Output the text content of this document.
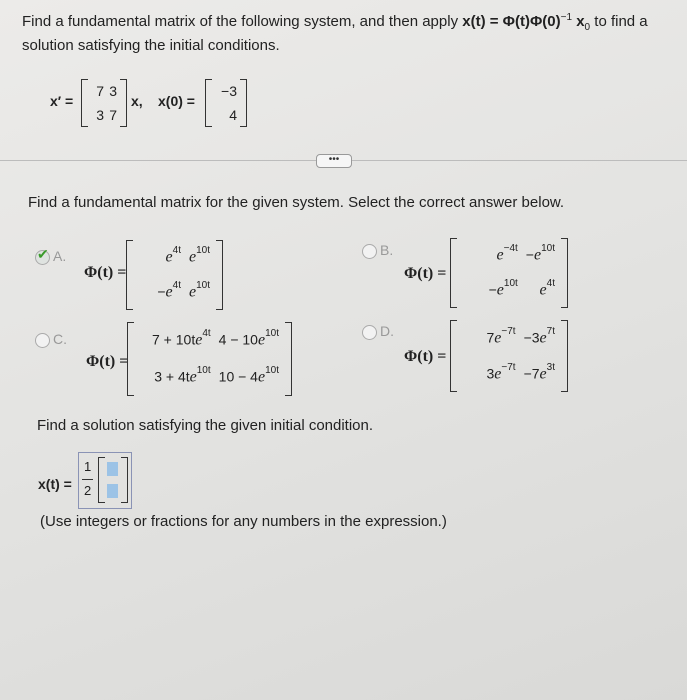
Find a fundamental matrix of the following system, and then apply $x(t) = \Phi(t)\Phi(0)^{-1}$ $x_0$ to find a
solution satisfying the initial conditions.
x′ =
7 3
3 7
x, x(0) =
−3
4
•••
Find a fundamental matrix for the given system. Select the correct answer below.
✔ A.
Φ(t) =
$e^{4t}$ $e^{10t}$
$-e^{4t}$ $e^{10t}$
B.
Φ(t) =
$e^{-4t} -e^{10t}$
$-e^{10t}$ $e^{4t}$
C.
Φ(t) =
$7 + 10te^{4t}$ $4 - 10e^{10t}$
$3 + 4te^{10t}$ $10 - 4e^{10t}$
D.
Φ(t) =
$7e^{-7t} -3e^{7t}$
$3e^{-7t} -7e^{3t}$
Find a solution satisfying the given initial condition.
x(t) =
1
2
(Use integers or fractions for any numbers in the expression.)
